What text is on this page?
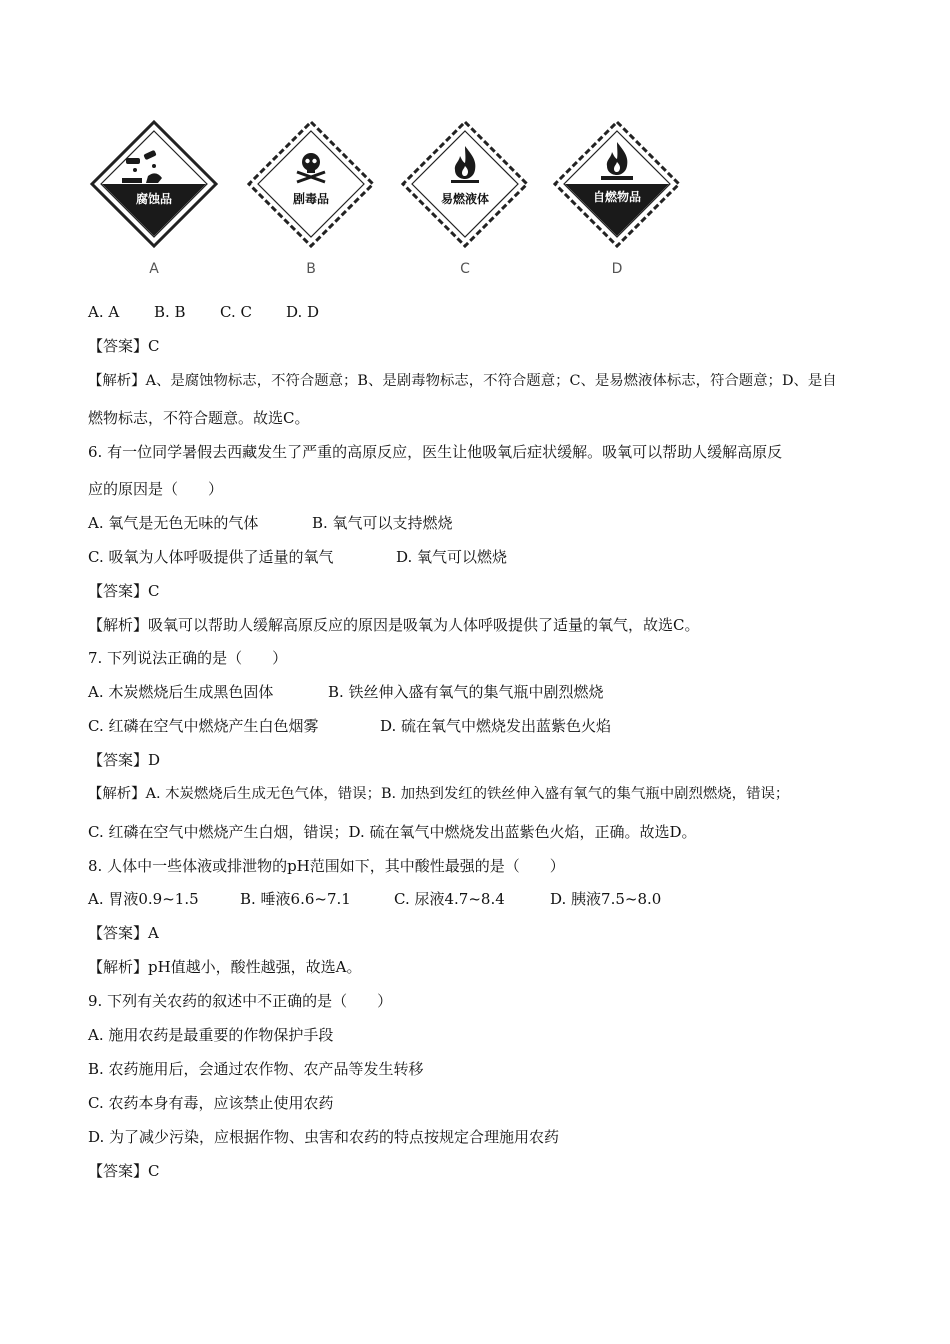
腐蚀品
A
剧毒品
B
易燃液体
C
自燃物品
D
A. A B. B C. C D. D
【答案】C
【解析】A、是腐蚀物标志，不符合题意；B、是剧毒物标志，不符合题意；C、是易燃液体标志，符合题意；D、是自
燃物标志，不符合题意。故选C。
6. 有一位同学暑假去西藏发生了严重的高原反应，医生让他吸氧后症状缓解。吸氧可以帮助人缓解高原反
应的原因是（　　）
A. 氧气是无色无味的气体	B. 氧气可以支持燃烧
C. 吸氧为人体呼吸提供了适量的氧气	D. 氧气可以燃烧
【答案】C
【解析】吸氧可以帮助人缓解高原反应的原因是吸氧为人体呼吸提供了适量的氧气，故选C。
7. 下列说法正确的是（　　）
A. 木炭燃烧后生成黑色固体	B. 铁丝伸入盛有氧气的集气瓶中剧烈燃烧
C. 红磷在空气中燃烧产生白色烟雾	D. 硫在氧气中燃烧发出蓝紫色火焰
【答案】D
【解析】A. 木炭燃烧后生成无色气体，错误；B. 加热到发红的铁丝伸入盛有氧气的集气瓶中剧烈燃烧，错误；
C. 红磷在空气中燃烧产生白烟，错误；D. 硫在氧气中燃烧发出蓝紫色火焰，正确。故选D。
8. 人体中一些体液或排泄物的pH范围如下，其中酸性最强的是（　　）
A. 胃液0.9~1.5	B. 唾液6.6~7.1	C. 尿液4.7~8.4	D. 胰液7.5~8.0
【答案】A
【解析】pH值越小，酸性越强，故选A。
9. 下列有关农药的叙述中不正确的是（　　）
A. 施用农药是最重要的作物保护手段
B. 农药施用后，会通过农作物、农产品等发生转移
C. 农药本身有毒，应该禁止使用农药
D. 为了减少污染，应根据作物、虫害和农药的特点按规定合理施用农药
【答案】C
